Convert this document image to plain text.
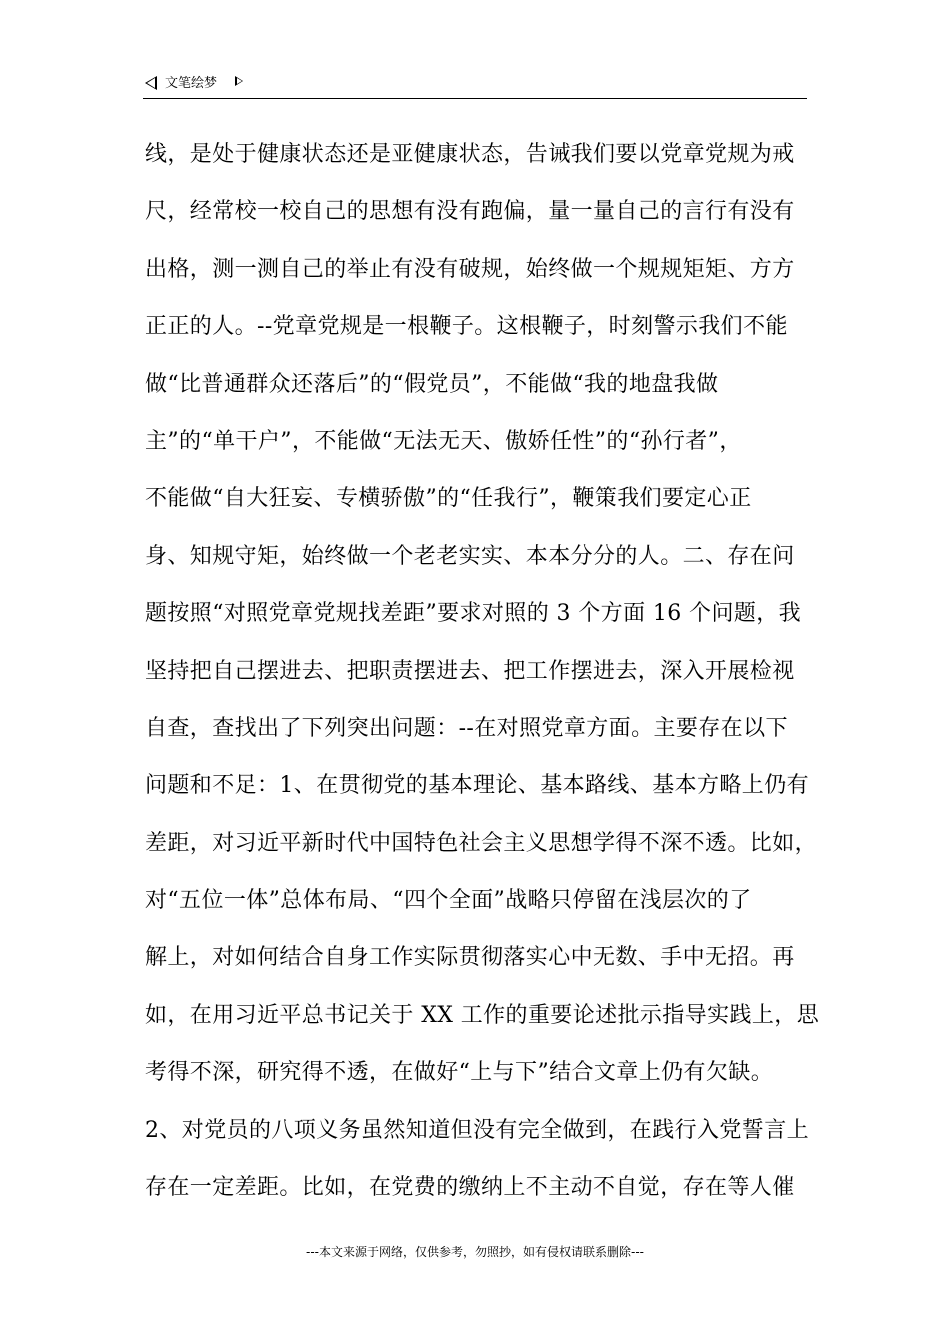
文笔绘梦
线，是处于健康状态还是亚健康状态，告诫我们要以党章党规为戒
尺，经常校一校自己的思想有没有跑偏，量一量自己的言行有没有
出格，测一测自己的举止有没有破规，始终做一个规规矩矩、方方
正正的人。--党章党规是一根鞭子。这根鞭子，时刻警示我们不能
做“比普通群众还落后”的“假党员”，不能做“我的地盘我做
主”的“单干户”，不能做“无法无天、傲娇任性”的“孙行者”，
不能做“自大狂妄、专横骄傲”的“任我行”，鞭策我们要定心正
身、知规守矩，始终做一个老老实实、本本分分的人。二、存在问
题按照“对照党章党规找差距”要求对照的 3 个方面 16 个问题，我
坚持把自己摆进去、把职责摆进去、把工作摆进去，深入开展检视
自查，查找出了下列突出问题：--在对照党章方面。主要存在以下
问题和不足：1、在贯彻党的基本理论、基本路线、基本方略上仍有
差距，对习近平新时代中国特色社会主义思想学得不深不透。比如，
对“五位一体”总体布局、“四个全面”战略只停留在浅层次的了
解上，对如何结合自身工作实际贯彻落实心中无数、手中无招。再
如，在用习近平总书记关于 XX 工作的重要论述批示指导实践上，思
考得不深，研究得不透，在做好“上与下”结合文章上仍有欠缺。
2、对党员的八项义务虽然知道但没有完全做到，在践行入党誓言上
存在一定差距。比如，在党费的缴纳上不主动不自觉，存在等人催
---本文来源于网络，仅供参考，勿照抄，如有侵权请联系删除---
